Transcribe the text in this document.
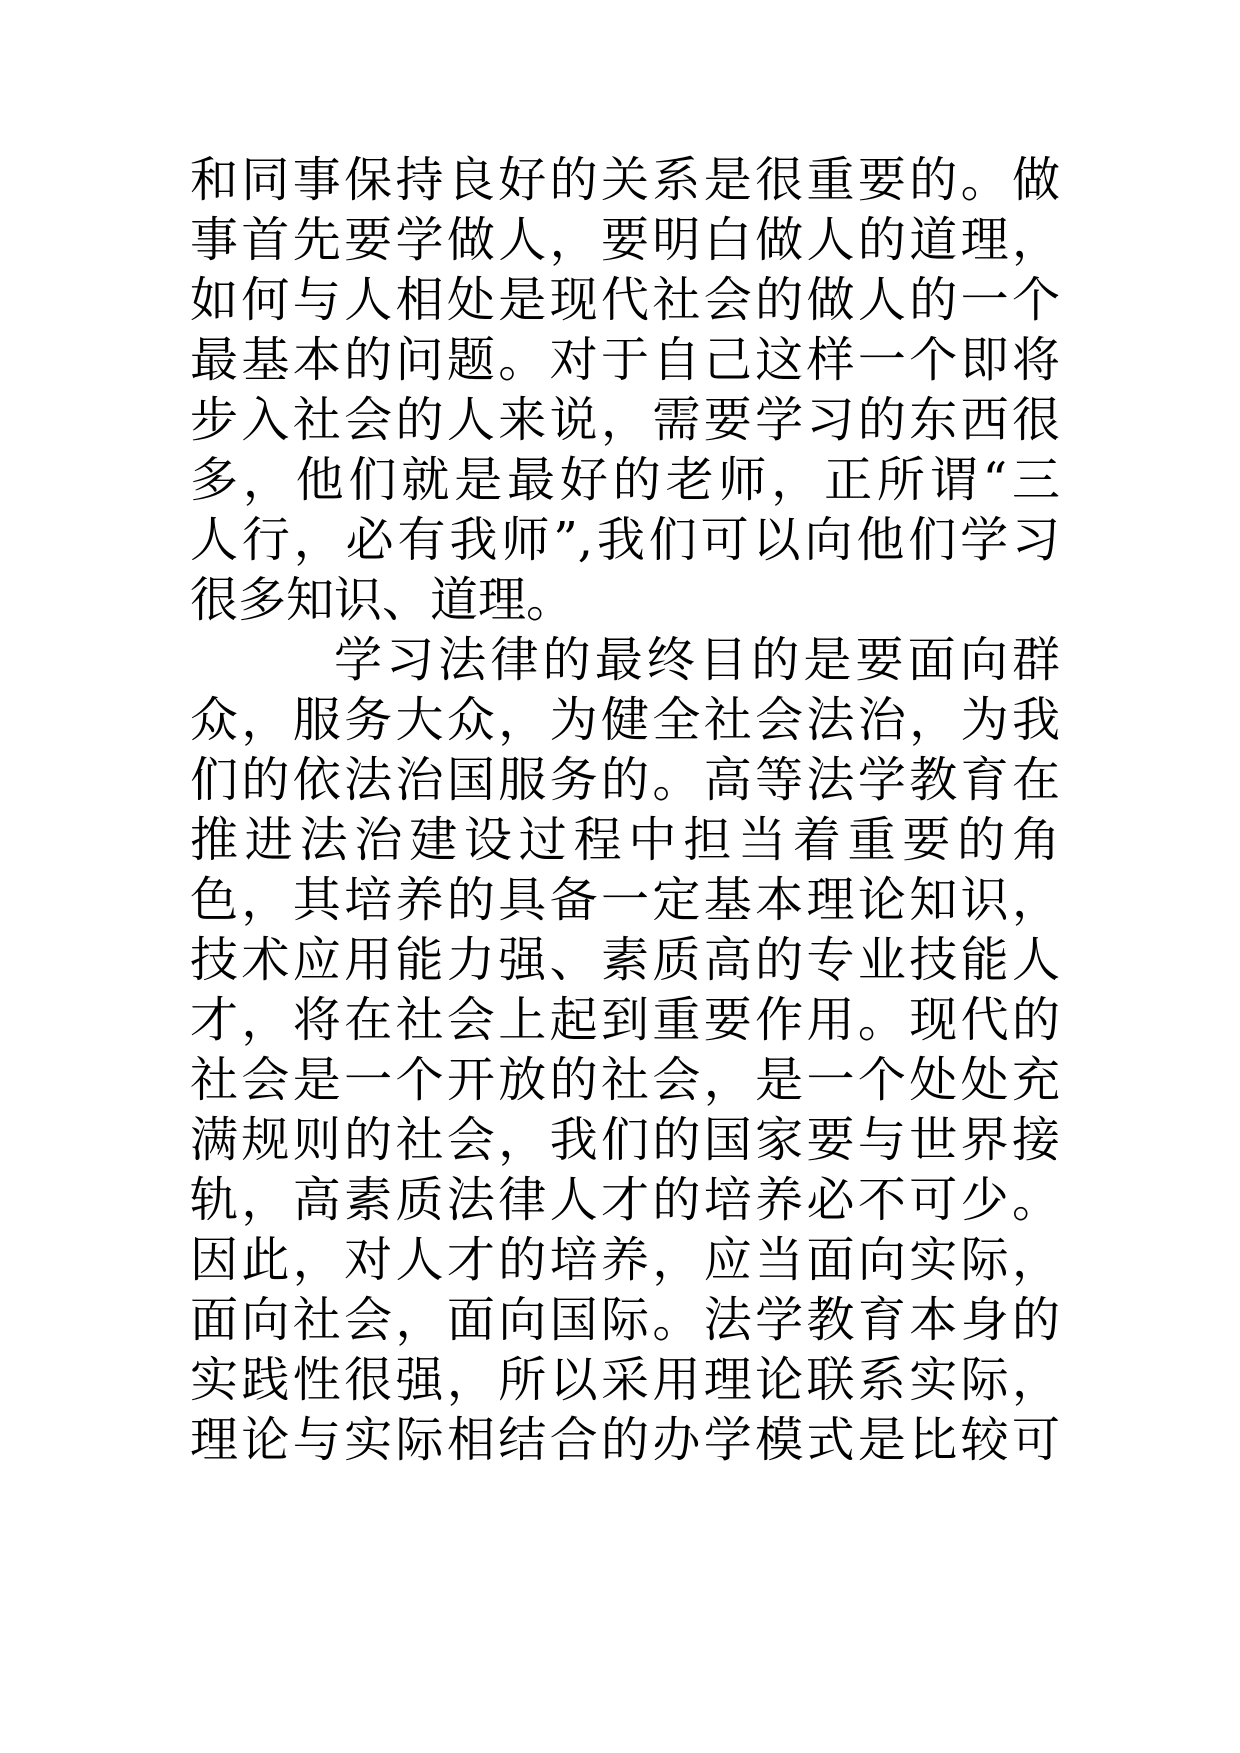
和同事保持良好的关系是很重要的。做
事首先要学做人，要明白做人的道理，
如何与人相处是现代社会的做人的一个
最基本的问题。对于自己这样一个即将
步入社会的人来说，需要学习的东西很
多，他们就是最好的老师，正所谓“三
人行，必有我师”,我们可以向他们学习
很多知识、道理。
学习法律的最终目的是要面向群
众，服务大众，为健全社会法治，为我
们的依法治国服务的。高等法学教育在
推进法治建设过程中担当着重要的角
色，其培养的具备一定基本理论知识，
技术应用能力强、素质高的专业技能人
才，将在社会上起到重要作用。现代的
社会是一个开放的社会，是一个处处充
满规则的社会，我们的国家要与世界接
轨，高素质法律人才的培养必不可少。
因此，对人才的培养，应当面向实际，
面向社会，面向国际。法学教育本身的
实践性很强，所以采用理论联系实际，
理论与实际相结合的办学模式是比较可
